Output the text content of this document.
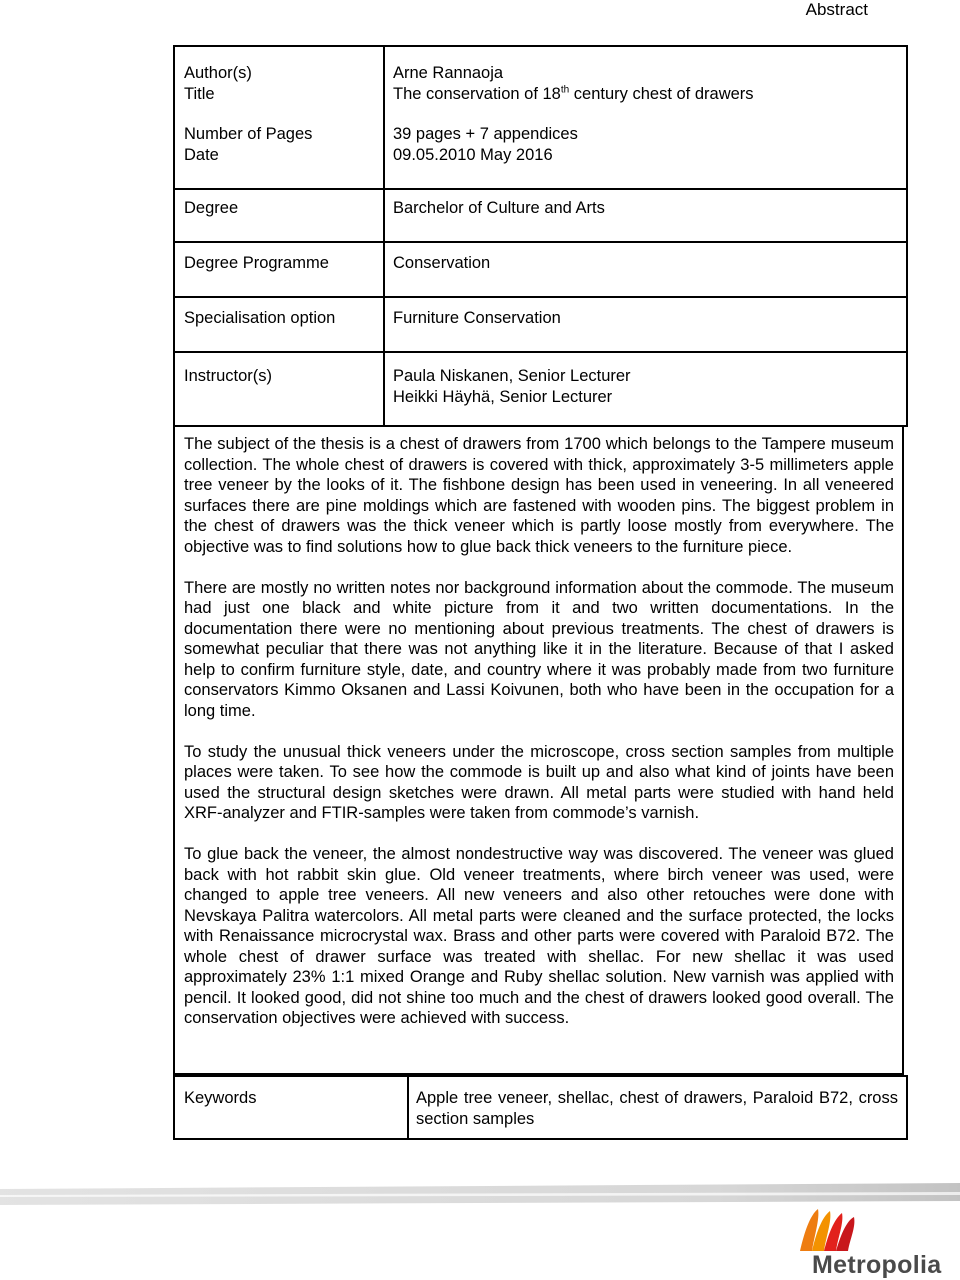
Abstract
Author(s)	Arne Rannaoja
Title	The conservation of 18th century chest of drawers
Number of Pages	39 pages + 7 appendices
Date	09.05.2010 May 2016
Degree	Barchelor of Culture and Arts
Degree Programme	Conservation
Specialisation option	Furniture Conservation
Instructor(s)	Paula Niskanen, Senior Lecturer
Heikki Häyhä, Senior Lecturer

The subject of the thesis is a chest of drawers from 1700 which belongs to the Tampere museum collection. The whole chest of drawers is covered with thick, approximately 3-5 millimeters apple tree veneer by the looks of it. The fishbone design has been used in veneering. In all veneered surfaces there are pine moldings which are fastened with wooden pins. The biggest problem in the chest of drawers was the thick veneer which is partly loose mostly from everywhere. The objective was to find solutions how to glue back thick veneers to the furniture piece.

There are mostly no written notes nor background information about the commode. The museum had just one black and white picture from it and two written documentations. In the documentation there were no mentioning about previous treatments. The chest of drawers is somewhat peculiar that there was not anything like it in the literature. Because of that I asked help to confirm furniture style, date, and country where it was probably made from two furniture conservators Kimmo Oksanen and Lassi Koivunen, both who have been in the occupation for a long time.

To study the unusual thick veneers under the microscope, cross section samples from multiple places were taken. To see how the commode is built up and also what kind of joints have been used the structural design sketches were drawn. All metal parts were studied with hand held XRF-analyzer and FTIR-samples were taken from commode’s varnish.

To glue back the veneer, the almost nondestructive way was discovered. The veneer was glued back with hot rabbit skin glue. Old veneer treatments, where birch veneer was used, were changed to apple tree veneers. All new veneers and also other retouches were done with Nevskaya Palitra watercolors. All metal parts were cleaned and the surface protected, the locks with Renaissance microcrystal wax. Brass and other parts were covered with Paraloid B72. The whole chest of drawer surface was treated with shellac. For new shellac it was used approximately 23% 1:1 mixed Orange and Ruby shellac solution. New varnish was applied with pencil. It looked good, did not shine too much and the chest of drawers looked good overall. The conservation objectives were achieved with success.

Keywords	Apple tree veneer, shellac, chest of drawers, Paraloid B72, cross section samples
Metropolia
